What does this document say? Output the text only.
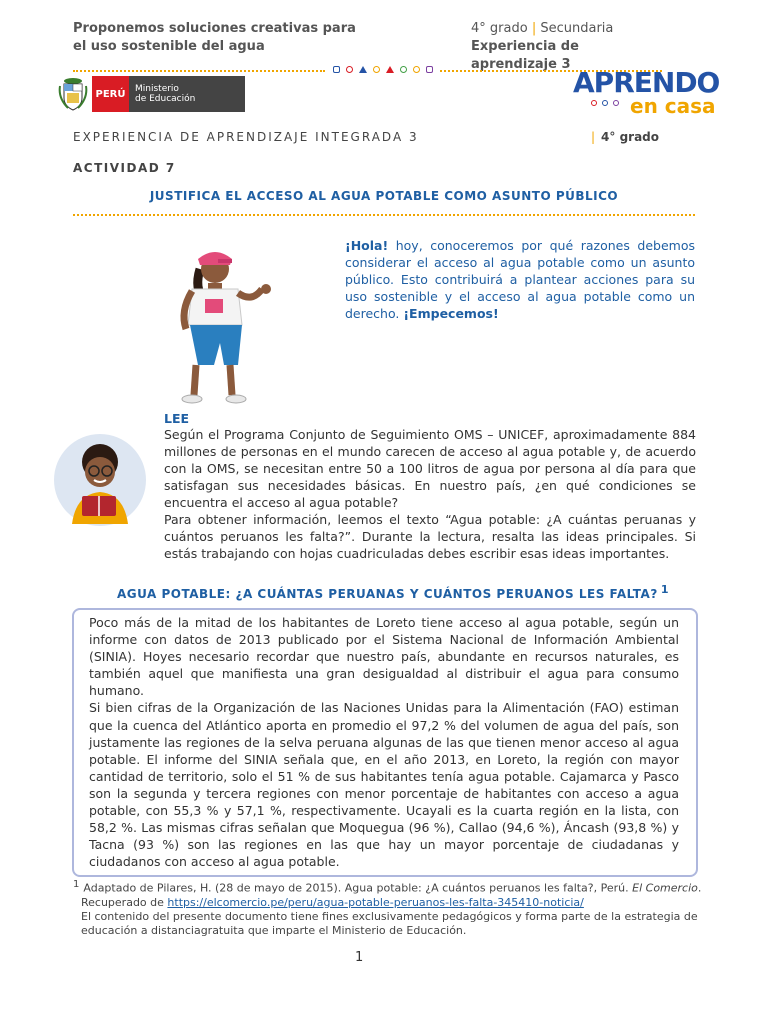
Proponemos soluciones creativas para
el uso sostenible del agua
4° grado | Secundaria
Experiencia de aprendizaje 3
PERÚ	Ministerio
de Educación	APRENDO
en casa
EXPERIENCIA DE APRENDIZAJE INTEGRADA 3	| 4° grado
ACTIVIDAD 7
JUSTIFICA EL ACCESO AL AGUA POTABLE COMO ASUNTO PÚBLICO
¡Hola! hoy, conoceremos por qué razones debemos considerar el acceso al agua potable como un asunto público. Esto contribuirá a plantear acciones para su uso sostenible y el acceso al agua potable como un derecho. ¡Empecemos!
LEE

Según el Programa Conjunto de Seguimiento OMS – UNICEF, aproximadamente 884 millones de personas en el mundo carecen de acceso al agua potable y, de acuerdo con la OMS, se necesitan entre 50 a 100 litros de agua por persona al día para que satisfagan sus necesidades básicas. En nuestro país, ¿en qué condiciones se encuentra el acceso al agua potable?

Para obtener información, leemos el texto “Agua potable: ¿A cuántas peruanas y cuántos peruanos les falta?”. Durante la lectura, resalta las ideas principales. Si estás trabajando con hojas cuadriculadas debes escribir esas ideas importantes.

AGUA POTABLE: ¿A CUÁNTAS PERUANAS Y CUÁNTOS PERUANOS LES FALTA? $^1$

Poco más de la mitad de los habitantes de Loreto tiene acceso al agua potable, según un informe con datos de 2013 publicado por el Sistema Nacional de Información Ambiental (SINIA). Hoyes necesario recordar que nuestro país, abundante en recursos naturales, es también aquel que manifiesta una gran desigualdad al distribuir el agua para consumo humano.

Si bien cifras de la Organización de las Naciones Unidas para la Alimentación (FAO) estiman que la cuenca del Atlántico aporta en promedio el 97,2 % del volumen de agua del país, son justamente las regiones de la selva peruana algunas de las que tienen menor acceso al agua potable. El informe del SINIA señala que, en el año 2013, en Loreto, la región con mayor cantidad de territorio, solo el 51 % de sus habitantes tenía agua potable. Cajamarca y Pasco son la segunda y tercera regiones con menor porcentaje de habitantes con acceso a agua potable, con 55,3 % y 57,1 %, respectivamente. Ucayali es la cuarta región en la lista, con 58,2 %. Las mismas cifras señalan que Moquegua (96 %), Callao (94,6 %), Áncash (93,8 %) y Tacna (93 %) son las regiones en las que hay un mayor porcentaje de ciudadanas y ciudadanos con acceso al agua potable.

$^1$ Adaptado de Pilares, H. (28 de mayo de 2015). Agua potable: ¿A cuántos peruanos les falta?, Perú. El Comercio.
Recuperado de https://elcomercio.pe/peru/agua-potable-peruanos-les-falta-345410-noticia/
El contenido del presente documento tiene fines exclusivamente pedagógicos y forma parte de la estrategia de educación a distanciagratuita que imparte el Ministerio de Educación.
1
